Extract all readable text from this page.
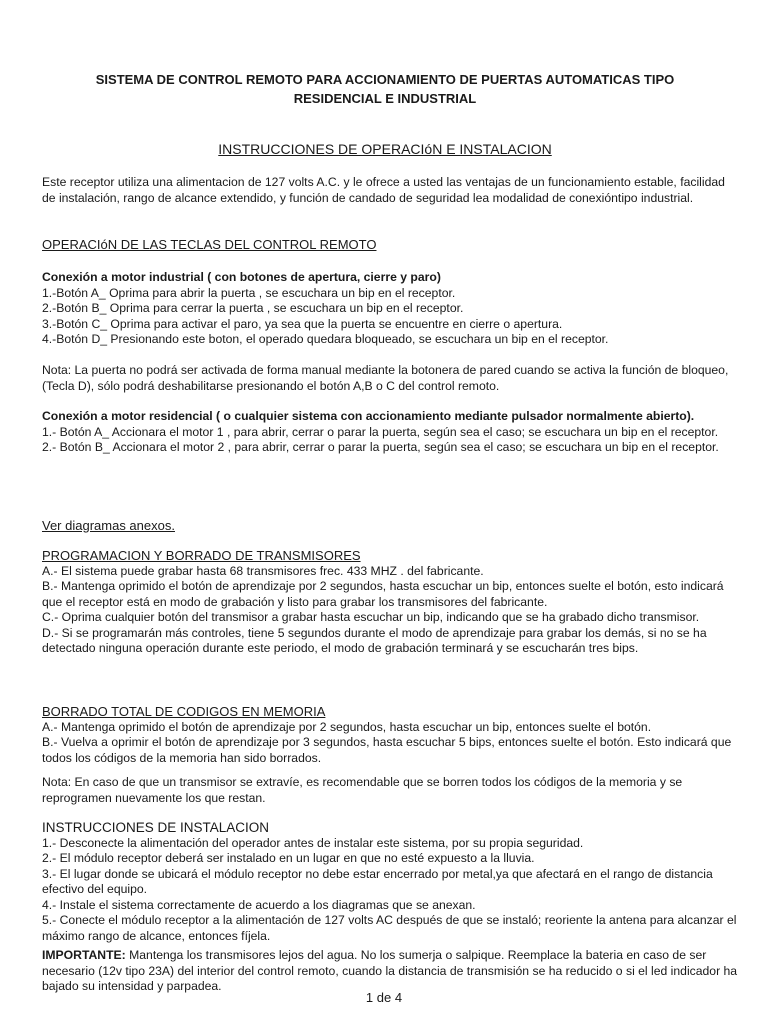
SISTEMA DE CONTROL REMOTO PARA ACCIONAMIENTO DE PUERTAS AUTOMATICAS TIPO
RESIDENCIAL E INDUSTRIAL
INSTRUCCIONES DE OPERACIóN E INSTALACION

Este receptor utiliza una alimentacion de 127 volts A.C. y le ofrece a usted las ventajas de un funcionamiento estable, facilidad de instalación, rango de alcance extendido, y función de candado de seguridad lea modalidad de conexióntipo industrial.

OPERACIóN DE LAS TECLAS DEL CONTROL REMOTO

Conexión a motor industrial ( con botones de apertura, cierre y paro)

1.-Botón A_ Oprima para abrir la puerta , se escuchara un bip en el receptor.

2.-Botón B_ Oprima para cerrar la puerta , se escuchara un bip en el receptor.

3.-Botón C_ Oprima para activar el paro, ya sea que la puerta se encuentre en cierre o apertura.

4.-Botón D_ Presionando este boton, el operado quedara bloqueado, se escuchara un bip en el receptor.

Nota: La puerta no podrá ser activada de forma manual mediante la botonera de pared cuando se activa la función de bloqueo, (Tecla D), sólo podrá deshabilitarse presionando el botón A,B o C del control remoto.

Conexión a motor residencial ( o cualquier sistema con accionamiento mediante pulsador normalmente abierto).

1.- Botón A_ Accionara el motor 1 , para abrir, cerrar o parar la puerta, según sea el caso; se escuchara un bip en el receptor.

2.- Botón B_ Accionara el motor 2 , para abrir, cerrar o parar la puerta, según sea el caso; se escuchara un bip en el receptor.

Ver diagramas anexos.

PROGRAMACION Y BORRADO DE TRANSMISORES

A.- El sistema puede grabar hasta 68 transmisores frec. 433 MHZ . del fabricante.

B.- Mantenga oprimido el botón de aprendizaje por 2 segundos, hasta escuchar un bip, entonces suelte el botón, esto indicará que el receptor está en modo de grabación y listo para grabar los transmisores del fabricante.

C.- Oprima cualquier botón del transmisor a grabar hasta escuchar un bip, indicando que se ha grabado dicho transmisor.

D.- Si se programarán más controles, tiene 5 segundos durante el modo de aprendizaje para grabar los demás, si no se ha detectado ninguna operación durante este periodo, el modo de grabación terminará y se escucharán tres bips.

BORRADO TOTAL DE CODIGOS EN MEMORIA

A.- Mantenga oprimido el botón de aprendizaje por 2 segundos, hasta escuchar un bip, entonces suelte el botón.

B.- Vuelva a oprimir el botón de aprendizaje por 3 segundos, hasta escuchar 5 bips, entonces suelte el botón. Esto indicará que todos los códigos de la memoria han sido borrados.

Nota: En caso de que un transmisor se extravíe, es recomendable que se borren todos los códigos de la memoria y se reprogramen nuevamente los que restan.

INSTRUCCIONES DE INSTALACION

1.- Desconecte la alimentación del operador antes de instalar este sistema, por su propia seguridad.

2.- El módulo receptor deberá ser instalado en un lugar en que no esté expuesto a la lluvia.

3.- El lugar donde se ubicará el módulo receptor no debe estar encerrado por metal,ya que afectará en el rango de distancia efectivo del equipo.

4.- Instale el sistema correctamente de acuerdo a los diagramas que se anexan.

5.- Conecte el módulo receptor a la alimentación de 127 volts AC después de que se instaló; reoriente la antena para alcanzar el máximo rango de alcance, entonces fíjela.

IMPORTANTE: Mantenga los transmisores lejos del agua. No los sumerja o salpique. Reemplace la bateria en caso de ser necesario (12v tipo 23A) del interior del control remoto, cuando la distancia de transmisión se ha reducido o si el led indicador ha bajado su intensidad y parpadea.

1 de 4
